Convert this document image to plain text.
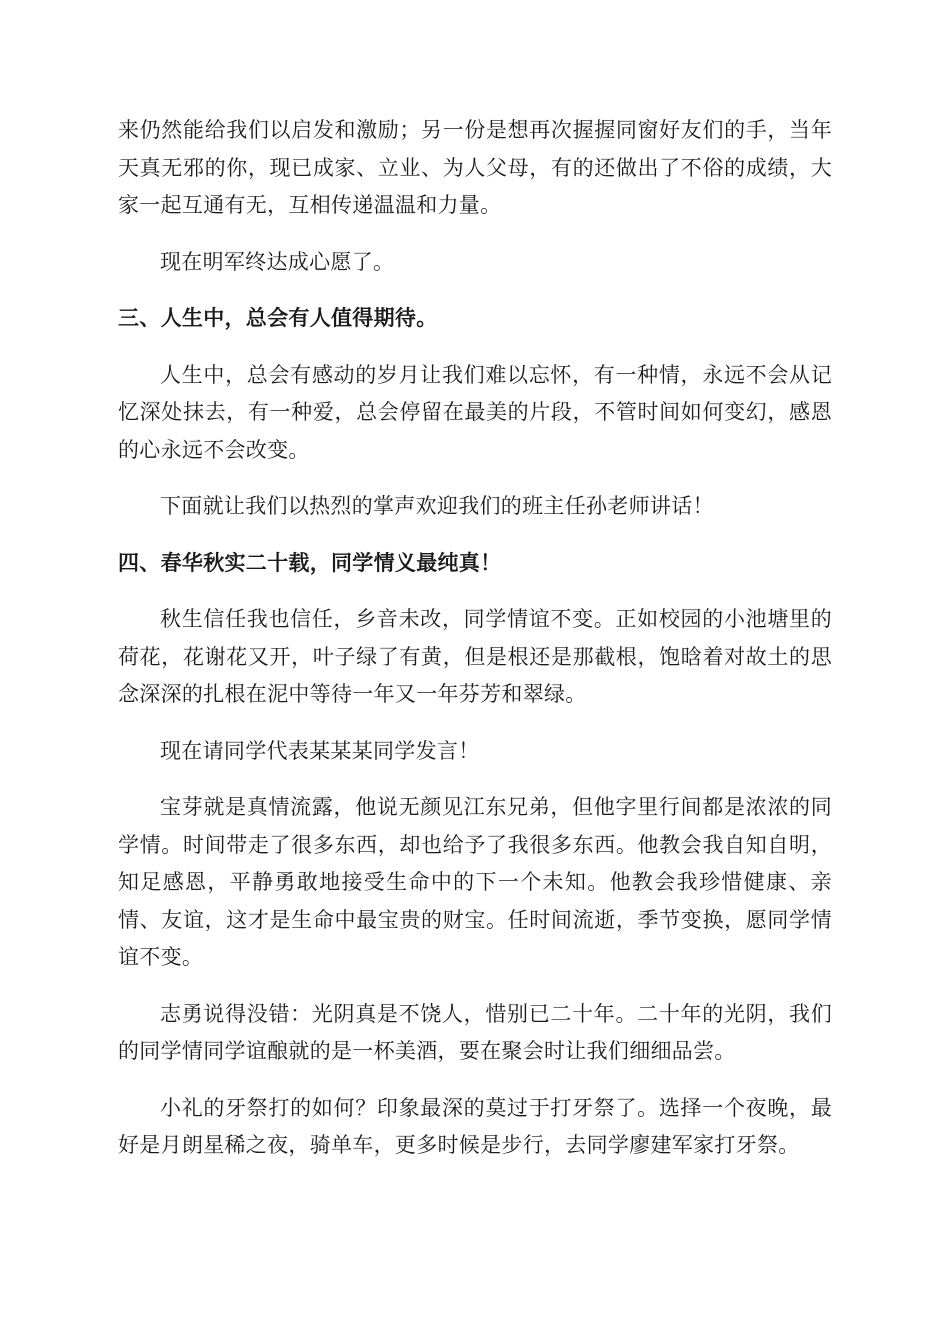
来仍然能给我们以启发和激励；另一份是想再次握握同窗好友们的手，当年天真无邪的你，现已成家、立业、为人父母，有的还做出了不俗的成绩，大家一起互通有无，互相传递温温和力量。

现在明军终达成心愿了。

三、人生中，总会有人值得期待。

人生中，总会有感动的岁月让我们难以忘怀，有一种情，永远不会从记忆深处抹去，有一种爱，总会停留在最美的片段，不管时间如何变幻，感恩的心永远不会改变。

下面就让我们以热烈的掌声欢迎我们的班主任孙老师讲话！

四、春华秋实二十载，同学情义最纯真！

秋生信任我也信任，乡音未改，同学情谊不变。正如校园的小池塘里的荷花，花谢花又开，叶子绿了有黄，但是根还是那截根，饱晗着对故土的思念深深的扎根在泥中等待一年又一年芬芳和翠绿。

现在请同学代表某某某同学发言！

宝芽就是真情流露，他说无颜见江东兄弟，但他字里行间都是浓浓的同学情。时间带走了很多东西，却也给予了我很多东西。他教会我自知自明，知足感恩，平静勇敢地接受生命中的下一个未知。他教会我珍惜健康、亲情、友谊，这才是生命中最宝贵的财宝。任时间流逝，季节变换，愿同学情谊不变。

志勇说得没错：光阴真是不饶人，惜别已二十年。二十年的光阴，我们的同学情同学谊酿就的是一杯美酒，要在聚会时让我们细细品尝。

小礼的牙祭打的如何？印象最深的莫过于打牙祭了。选择一个夜晚，最好是月朗星稀之夜，骑单车，更多时候是步行，去同学廖建军家打牙祭。
